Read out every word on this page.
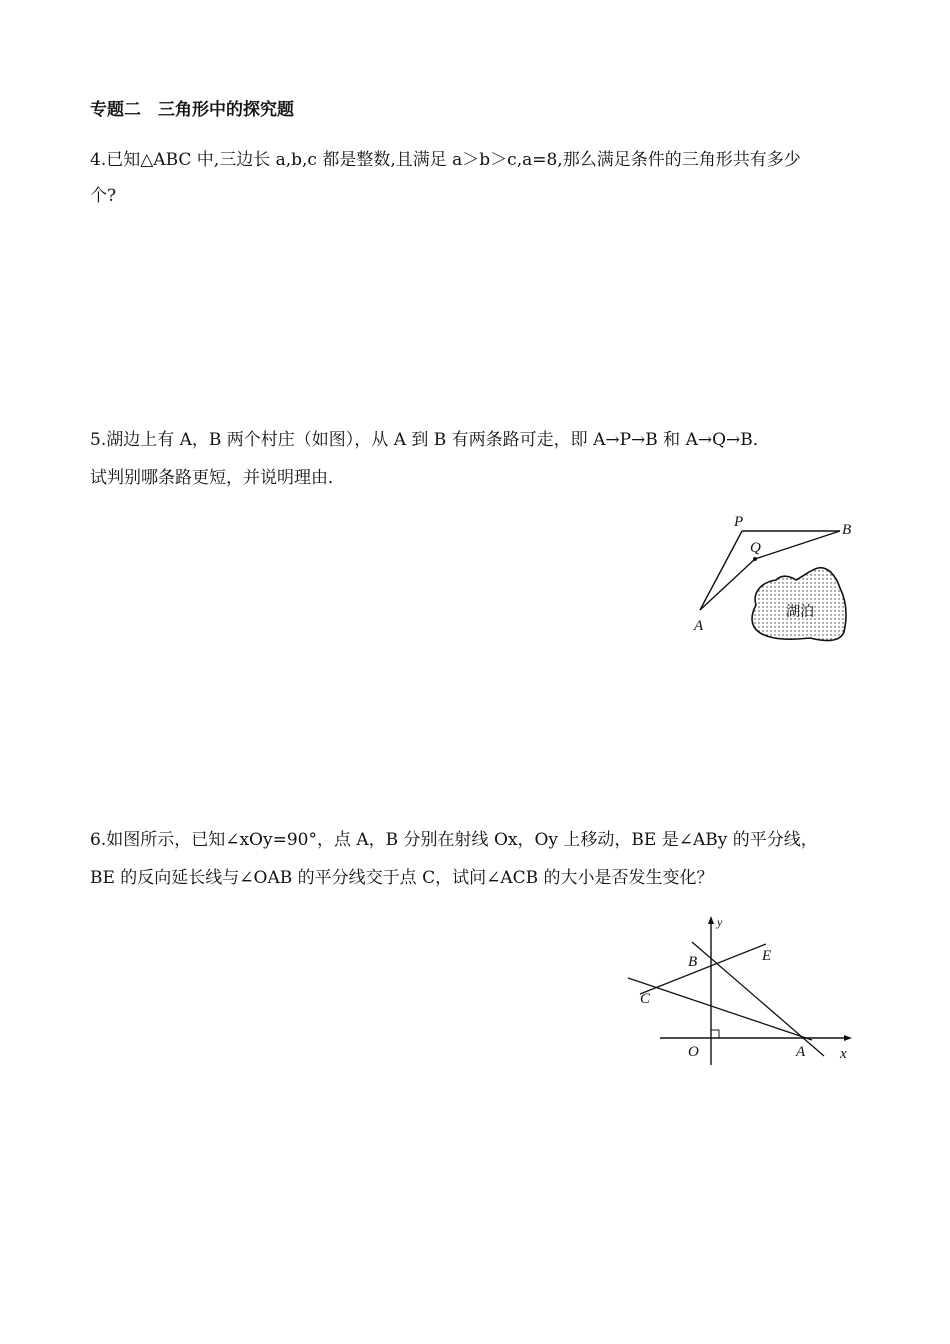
专题二　三角形中的探究题
4.已知△ABC 中,三边长 a,b,c 都是整数,且满足 a＞b＞c,a=8,那么满足条件的三角形共有多少
个?
5.湖边上有 A，B 两个村庄（如图），从 A 到 B 有两条路可走，即 A→P→B 和 A→Q→B．
试判别哪条路更短，并说明理由．
P
Q
A
B
湖泊
6.如图所示，已知∠xOy=90°，点 A，B 分别在射线 Ox，Oy 上移动，BE 是∠ABy 的平分线，
BE 的反向延长线与∠OAB 的平分线交于点 C，试问∠ACB 的大小是否发生变化？
y
x
O	A
B
C
E
